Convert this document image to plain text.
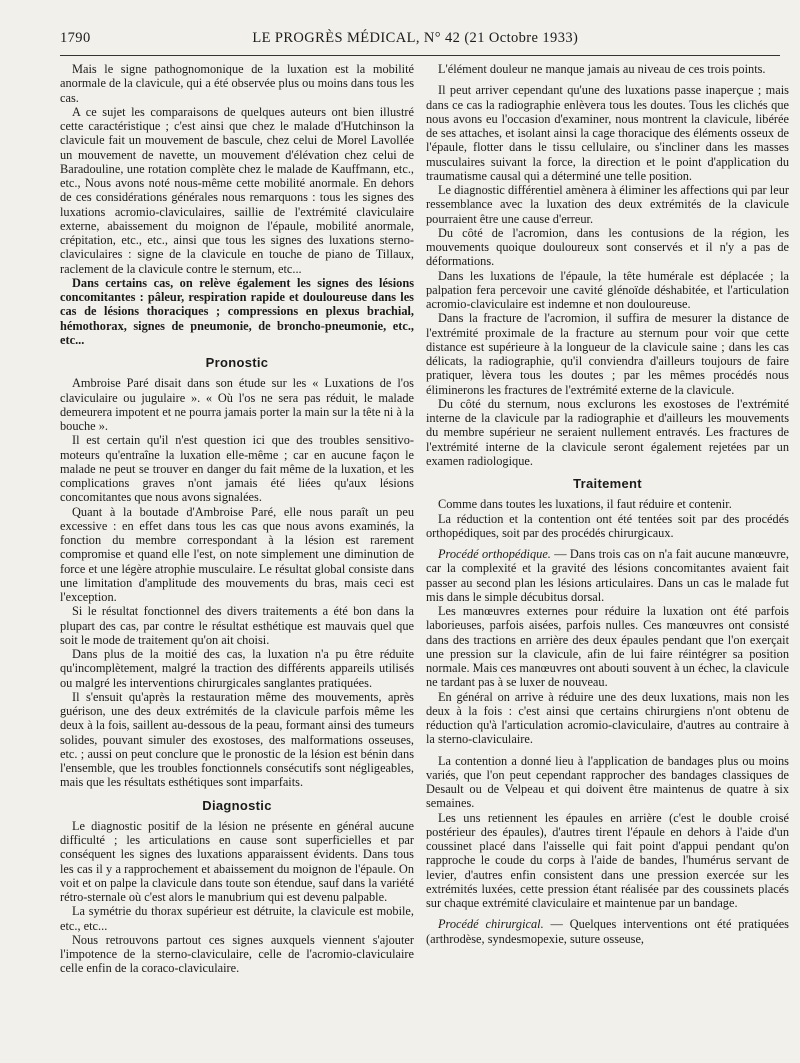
1790	LE PROGRÈS MÉDICAL, N° 42 (21 Octobre 1933)

Mais le signe pathognomonique de la luxation est la mobilité anormale de la clavicule, qui a été observée plus ou moins dans tous les cas.

A ce sujet les comparaisons de quelques auteurs ont bien illustré cette caractéristique ; c'est ainsi que chez le malade d'Hutchinson la clavicule fait un mouvement de bascule, chez celui de Morel Lavollée un mouvement de navette, un mouvement d'élévation chez celui de Baradouline, une rotation complète chez le malade de Kauffmann, etc., etc., Nous avons noté nous-même cette mobilité anormale. En dehors de ces considérations générales nous remarquons : tous les signes des luxations acromio-claviculaires, saillie de l'extrémité claviculaire externe, abaissement du moignon de l'épaule, mobilité anormale, crépitation, etc., etc., ainsi que tous les signes des luxations sterno-claviculaires : signe de la clavicule en touche de piano de Tillaux, raclement de la clavicule contre le sternum, etc...

Dans certains cas, on relève également les signes des lésions concomitantes : pâleur, respiration rapide et douloureuse dans les cas de lésions thoraciques ; compressions en plexus brachial, hémothorax, signes de pneumonie, de broncho-pneumonie, etc., etc...

Pronostic

Ambroise Paré disait dans son étude sur les « Luxations de l'os claviculaire ou jugulaire ». « Où l'os ne sera pas réduit, le malade demeurera impotent et ne pourra jamais porter la main sur la tête ni à la bouche ».

Il est certain qu'il n'est question ici que des troubles sensitivo-moteurs qu'entraîne la luxation elle-même ; car en aucune façon le malade ne peut se trouver en danger du fait même de la luxation, et les complications graves n'ont jamais été liées qu'aux lésions concomitantes que nous avons signalées.

Quant à la boutade d'Ambroise Paré, elle nous paraît un peu excessive : en effet dans tous les cas que nous avons examinés, la fonction du membre correspondant à la lésion est rarement compromise et quand elle l'est, on note simplement une diminution de force et une légère atrophie musculaire. Le résultat global consiste dans une limitation d'amplitude des mouvements du bras, mais ceci est l'exception.

Si le résultat fonctionnel des divers traitements a été bon dans la plupart des cas, par contre le résultat esthétique est mauvais quel que soit le mode de traitement qu'on ait choisi.

Dans plus de la moitié des cas, la luxation n'a pu être réduite qu'incomplètement, malgré la traction des différents appareils utilisés ou malgré les interventions chirurgicales sanglantes pratiquées.

Il s'ensuit qu'après la restauration même des mouvements, après guérison, une des deux extrémités de la clavicule parfois même les deux à la fois, saillent au-dessous de la peau, formant ainsi des tumeurs solides, pouvant simuler des exostoses, des malformations osseuses, etc. ; aussi on peut conclure que le pronostic de la lésion est bénin dans l'ensemble, que les troubles fonctionnels consécutifs sont négligeables, mais que les résultats esthétiques sont imparfaits.

Diagnostic

Le diagnostic positif de la lésion ne présente en général aucune difficulté ; les articulations en cause sont superficielles et par conséquent les signes des luxations apparaissent évidents. Dans tous les cas il y a rapprochement et abaissement du moignon de l'épaule. On voit et on palpe la clavicule dans toute son étendue, sauf dans la variété rétro-sternale où c'est alors le manubrium qui est devenu palpable.

La symétrie du thorax supérieur est détruite, la clavicule est mobile, etc., etc...

Nous retrouvons partout ces signes auxquels viennent s'ajouter l'impotence de la sterno-claviculaire, celle de l'acromio-claviculaire celle enfin de la coraco-claviculaire.

L'élément douleur ne manque jamais au niveau de ces trois points.

Il peut arriver cependant qu'une des luxations passe inaperçue ; mais dans ce cas la radiographie enlèvera tous les doutes. Tous les clichés que nous avons eu l'occasion d'examiner, nous montrent la clavicule, libérée de ses attaches, et isolant ainsi la cage thoracique des éléments osseux de l'épaule, flotter dans le tissu cellulaire, ou s'incliner dans les masses musculaires suivant la force, la direction et le point d'application du traumatisme causal qui a déterminé une telle position.

Le diagnostic différentiel amènera à éliminer les affections qui par leur ressemblance avec la luxation des deux extrémités de la clavicule pourraient être une cause d'erreur.

Du côté de l'acromion, dans les contusions de la région, les mouvements quoique douloureux sont conservés et il n'y a pas de déformations.

Dans les luxations de l'épaule, la tête humérale est déplacée ; la palpation fera percevoir une cavité glénoïde déshabitée, et l'articulation acromio-claviculaire est indemne et non douloureuse.

Dans la fracture de l'acromion, il suffira de mesurer la distance de l'extrémité proximale de la fracture au sternum pour voir que cette distance est supérieure à la longueur de la clavicule saine ; dans les cas délicats, la radiographie, qu'il conviendra d'ailleurs toujours de faire pratiquer, lèvera tous les doutes ; par les mêmes procédés nous éliminerons les fractures de l'extrémité externe de la clavicule.

Du côté du sternum, nous exclurons les exostoses de l'extrémité interne de la clavicule par la radiographie et d'ailleurs les mouvements du membre supérieur ne seraient nullement entravés. Les fractures de l'extrémité interne de la clavicule seront également rejetées par un examen radiologique.

Traitement

Comme dans toutes les luxations, il faut réduire et contenir.

La réduction et la contention ont été tentées soit par des procédés orthopédiques, soit par des procédés chirurgicaux.

Procédé orthopédique. — Dans trois cas on n'a fait aucune manœuvre, car la complexité et la gravité des lésions concomitantes avaient fait passer au second plan les lésions articulaires. Dans un cas le malade fut mis dans le simple décubitus dorsal.

Les manœuvres externes pour réduire la luxation ont été parfois laborieuses, parfois aisées, parfois nulles. Ces manœuvres ont consisté dans des tractions en arrière des deux épaules pendant que l'on exerçait une pression sur la clavicule, afin de lui faire réintégrer sa position normale. Mais ces manœuvres ont abouti souvent à un échec, la clavicule ne tardant pas à se luxer de nouveau.

En général on arrive à réduire une des deux luxations, mais non les deux à la fois : c'est ainsi que certains chirurgiens n'ont obtenu de réduction qu'à l'articulation acromio-claviculaire, d'autres au contraire à la sterno-claviculaire.

La contention a donné lieu à l'application de bandages plus ou moins variés, que l'on peut cependant rapprocher des bandages classiques de Desault ou de Velpeau et qui doivent être maintenus de quatre à six semaines.

Les uns retiennent les épaules en arrière (c'est le double croisé postérieur des épaules), d'autres tirent l'épaule en dehors à l'aide d'un coussinet placé dans l'aisselle qui fait point d'appui pendant qu'on rapproche le coude du corps à l'aide de bandes, l'humérus servant de levier, d'autres enfin consistent dans une pression exercée sur les extrémités luxées, cette pression étant réalisée par des coussinets placés sur chaque extrémité claviculaire et maintenue par un bandage.

Procédé chirurgical. — Quelques interventions ont été pratiquées (arthrodèse, syndesmopexie, suture osseuse,
